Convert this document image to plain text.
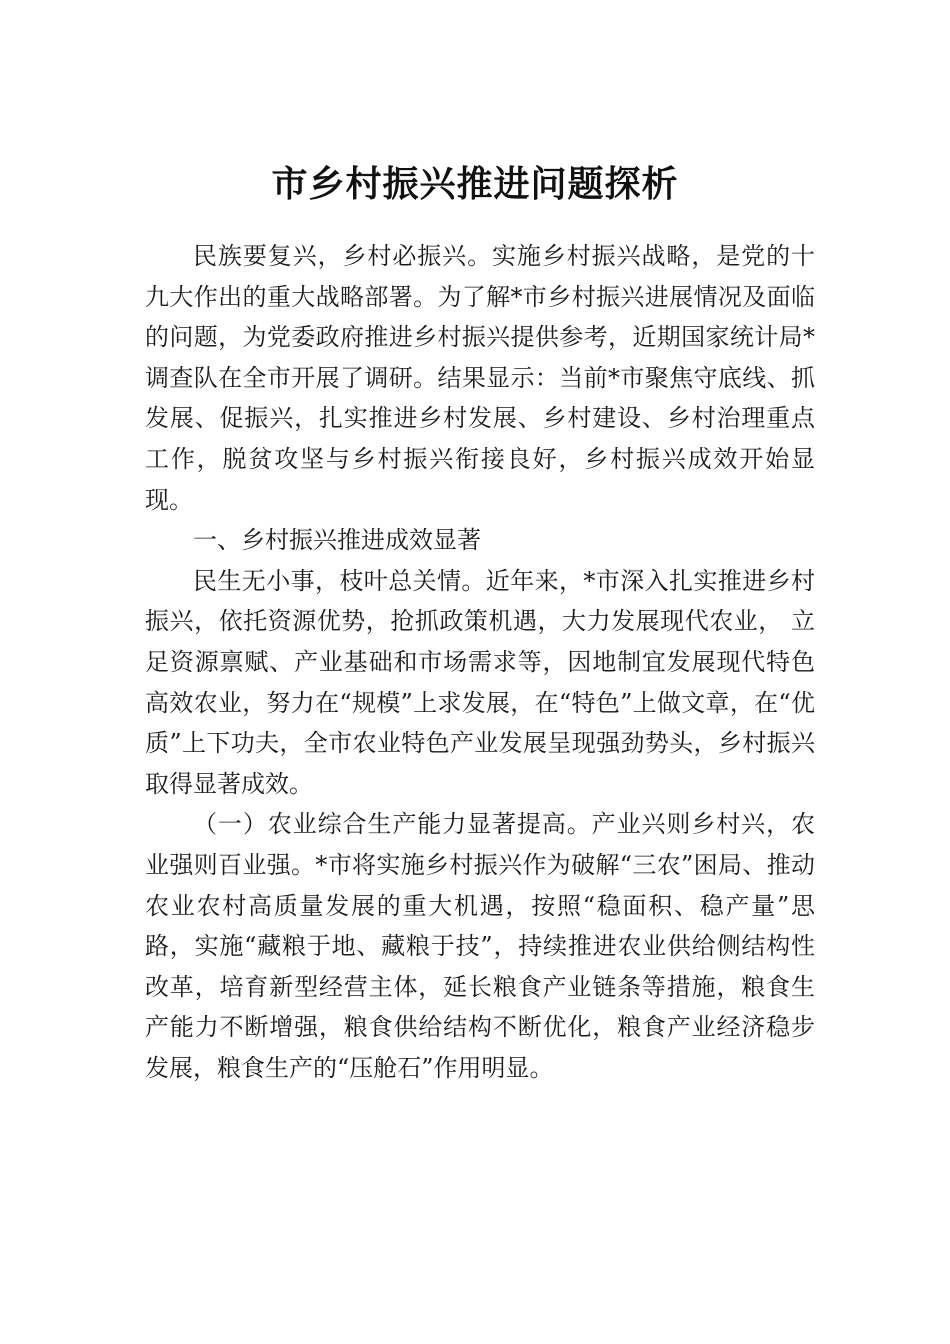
市乡村振兴推进问题探析

民族要复兴，乡村必振兴。实施乡村振兴战略，是党的十九大作出的重大战略部署。为了解*市乡村振兴进展情况及面临的问题，为党委政府推进乡村振兴提供参考，近期国家统计局*调查队在全市开展了调研。结果显示：当前*市聚焦守底线、抓发展、促振兴，扎实推进乡村发展、乡村建设、乡村治理重点工作，脱贫攻坚与乡村振兴衔接良好，乡村振兴成效开始显现。

一、乡村振兴推进成效显著

民生无小事，枝叶总关情。近年来，*市深入扎实推进乡村振兴，依托资源优势，抢抓政策机遇，大力发展现代农业， 立足资源禀赋、产业基础和市场需求等，因地制宜发展现代特色高效农业，努力在“规模”上求发展，在“特色”上做文章，在“优质”上下功夫，全市农业特色产业发展呈现强劲势头，乡村振兴取得显著成效。

（一）农业综合生产能力显著提高。产业兴则乡村兴，农业强则百业强。*市将实施乡村振兴作为破解“三农”困局、推动农业农村高质量发展的重大机遇，按照“稳面积、稳产量”思路，实施“藏粮于地、藏粮于技”，持续推进农业供给侧结构性改革，培育新型经营主体，延长粮食产业链条等措施，粮食生产能力不断增强，粮食供给结构不断优化，粮食产业经济稳步发展，粮食生产的“压舱石”作用明显。
